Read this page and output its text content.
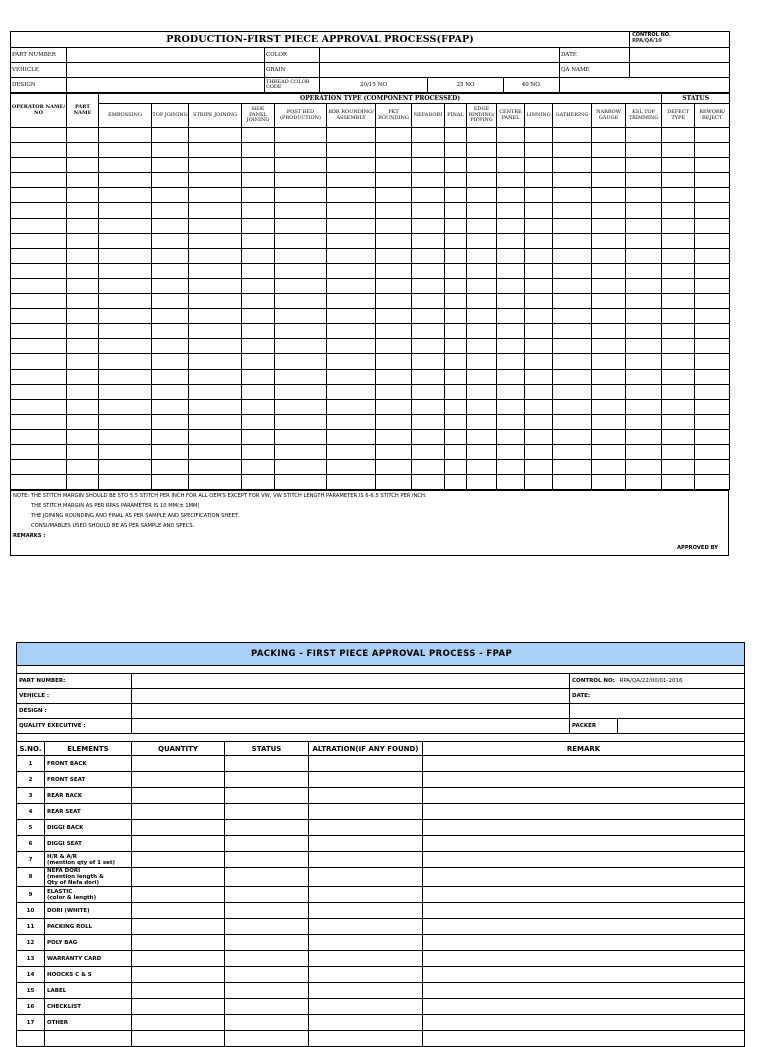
PRODUCTION-FIRST PIECE APPROVAL PROCESS(FPAP)							CONTROL NO.
RPA/QA/10

PART NUMBER		COLOR				DATE	
VEHICLE		GRAIN				QA NAME	
DESIGN		THREAD COLOR CODE	20/15 NO	25 NO	40 NO.		
OPERATOR NAME/ NO	PART NAME	OPERATION TYPE (COMPONENT PROCESSED)															STATUS	
		EMBOSSING	TOP JOINING	STRIPE JOINING	SIDE PANEL JOINING	POST BED (PRODUCTION)	BDR ROUNDING/ ASSEMBLY	PKT ROUNDING	NEFADORI	FINAL	EDGE BINDING/ PIPPING	CENTRE PANEL	LINNING	GATHERING	NARROW GAUGE	KSL TOP TRIMMING	DEFECT TYPE	REWORK/ REJECT

NOTE: THE STITCH MARGIN SHOULD BE 5TO 5.5 STITCH PER INCH FOR ALL OEM'S EXCEPT FOR VW, VW STITCH LENGTH PARAMETER IS 6-6.5 STITCH PER INCH.
THE STITCH MARGIN AS PER RPAS PARAMETER IS 10 MM(± 1MM)
THE JOINING ROUNDING AND FINAL AS PER SAMPLE AND SPECIFICATION SHEET.
CONSUMABLES USED SHOULD BE AS PER SAMPLE AND SPECS.
REMARKS :
APPROVED BY
PACKING - FIRST PIECE APPROVAL PROCESS - FPAP			

PART NUMBER:		CONTROL NO:	RPA/QA/22/00/01-2016
VEHICLE :		DATE:	
DESIGN :			
QUALITY EXECUTIVE :		PACKER	

S.NO.	ELEMENTS	QUANTITY	STATUS	ALTRATION(IF ANY FOUND)	REMARK
1	FRONT BACK				
2	FRONT SEAT				
3	REAR BACK				
4	REAR SEAT				
5	DIGGI BACK				
6	DIGGI SEAT				
7	H/R & A/R
(mention qty of 1 set)				
8	NEFA DORI
(mention length &
Qty of Nefa dori)				
9	ELASTIC
(color & length)				
10	DORI (WHITE)				
11	PACKING ROLL				
12	POLY BAG				
13	WARRANTY CARD				
14	HOOCKS C & S				
15	LABEL				
16	CHECKLIST				
17	OTHER				
